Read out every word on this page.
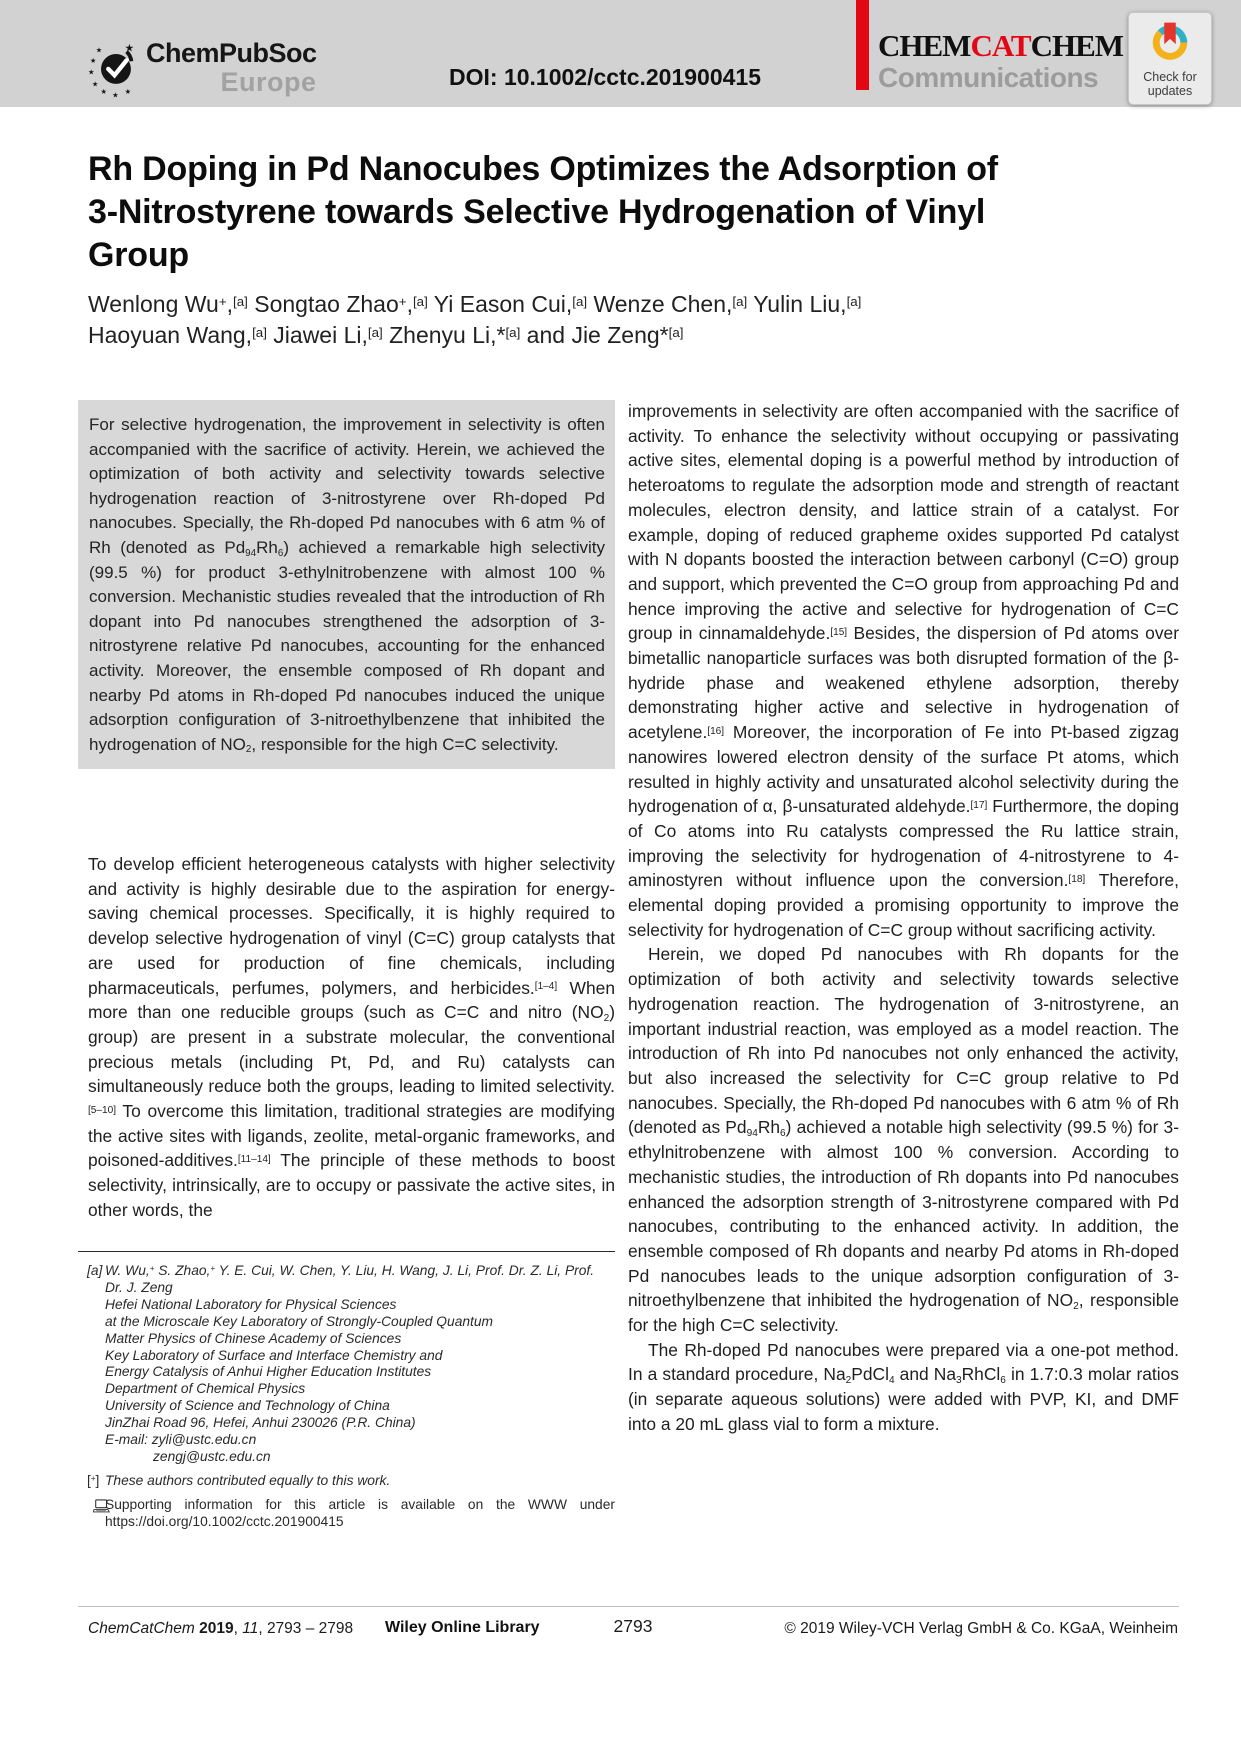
★
★
★
★
★
★ ★ ★
ChemPubSoc
Europe	DOI: 10.1002/cctc.201900415
CHEMCATCHEM
Communications	Check for
updates
Rh Doping in Pd Nanocubes Optimizes the Adsorption of
3-Nitrostyrene towards Selective Hydrogenation of Vinyl
Group
Wenlong Wu+,[a] Songtao Zhao+,[a] Yi Eason Cui,[a] Wenze Chen,[a] Yulin Liu,[a]
Haoyuan Wang,[a] Jiawei Li,[a] Zhenyu Li,*[a] and Jie Zeng*[a]
For selective hydrogenation, the improvement in selectivity is often accompanied with the sacrifice of activity. Herein, we achieved the optimization of both activity and selectivity towards selective hydrogenation reaction of 3-nitrostyrene over Rh-doped Pd nanocubes. Specially, the Rh-doped Pd nanocubes with 6 atm % of Rh (denoted as $Pd_{94}Rh_6$) achieved a remarkable high selectivity (99.5 %) for product 3-ethylnitrobenzene with almost 100 % conversion. Mechanistic studies revealed that the introduction of Rh dopant into Pd nanocubes strengthened the adsorption of 3-nitrostyrene relative Pd nanocubes, accounting for the enhanced activity. Moreover, the ensemble composed of Rh dopant and nearby Pd atoms in Rh-doped Pd nanocubes induced the unique adsorption configuration of 3-nitroethylbenzene that inhibited the hydrogenation of $NO_2$, responsible for the high C=C selectivity.

To develop efficient heterogeneous catalysts with higher selectivity and activity is highly desirable due to the aspiration for energy-saving chemical processes. Specifically, it is highly required to develop selective hydrogenation of vinyl (C=C) group catalysts that are used for production of fine chemicals, including pharmaceuticals, perfumes, polymers, and herbicides.[1–4] When more than one reducible groups (such as C=C and nitro $(NO_2)$ group) are present in a substrate molecular, the conventional precious metals (including Pt, Pd, and Ru) catalysts can simultaneously reduce both the groups, leading to limited selectivity.[5–10] To overcome this limitation, traditional strategies are modifying the active sites with ligands, zeolite, metal-organic frameworks, and poisoned-additives.[11–14] The principle of these methods to boost selectivity, intrinsically, are to occupy or passivate the active sites, in other words, the

[a] W. Wu,+ S. Zhao,+ Y. E. Cui, W. Chen, Y. Liu, H. Wang, J. Li, Prof. Dr. Z. Li, Prof. Dr. J. Zeng
Hefei National Laboratory for Physical Sciences
at the Microscale Key Laboratory of Strongly-Coupled Quantum
Matter Physics of Chinese Academy of Sciences
Key Laboratory of Surface and Interface Chemistry and
Energy Catalysis of Anhui Higher Education Institutes
Department of Chemical Physics
University of Science and Technology of China
JinZhai Road 96, Hefei, Anhui 230026 (P.R. China)
E-mail: zyli@ustc.edu.cn
zengj@ustc.edu.cn
[+] These authors contributed equally to this work.
Supporting information for this article is available on the WWW under https://doi.org/10.1002/cctc.201900415

improvements in selectivity are often accompanied with the sacrifice of activity. To enhance the selectivity without occupying or passivating active sites, elemental doping is a powerful method by introduction of heteroatoms to regulate the adsorption mode and strength of reactant molecules, electron density, and lattice strain of a catalyst. For example, doping of reduced grapheme oxides supported Pd catalyst with N dopants boosted the interaction between carbonyl (C=O) group and support, which prevented the C=O group from approaching Pd and hence improving the active and selective for hydrogenation of C=C group in cinnamaldehyde.[15] Besides, the dispersion of Pd atoms over bimetallic nanoparticle surfaces was both disrupted formation of the β-hydride phase and weakened ethylene adsorption, thereby demonstrating higher active and selective in hydrogenation of acetylene.[16] Moreover, the incorporation of Fe into Pt-based zigzag nanowires lowered electron density of the surface Pt atoms, which resulted in highly activity and unsaturated alcohol selectivity during the hydrogenation of α, β-unsaturated aldehyde.[17] Furthermore, the doping of Co atoms into Ru catalysts compressed the Ru lattice strain, improving the selectivity for hydrogenation of 4-nitrostyrene to 4-aminostyren without influence upon the conversion.[18] Therefore, elemental doping provided a promising opportunity to improve the selectivity for hydrogenation of C=C group without sacrificing activity.

Herein, we doped Pd nanocubes with Rh dopants for the optimization of both activity and selectivity towards selective hydrogenation reaction. The hydrogenation of 3-nitrostyrene, an important industrial reaction, was employed as a model reaction. The introduction of Rh into Pd nanocubes not only enhanced the activity, but also increased the selectivity for C=C group relative to Pd nanocubes. Specially, the Rh-doped Pd nanocubes with 6 atm % of Rh (denoted as $Pd_{94}Rh_6$) achieved a notable high selectivity (99.5 %) for 3-ethylnitrobenzene with almost 100 % conversion. According to mechanistic studies, the introduction of Rh dopants into Pd nanocubes enhanced the adsorption strength of 3-nitrostyrene compared with Pd nanocubes, contributing to the enhanced activity. In addition, the ensemble composed of Rh dopants and nearby Pd atoms in Rh-doped Pd nanocubes leads to the unique adsorption configuration of 3-nitroethylbenzene that inhibited the hydrogenation of $NO_2$, responsible for the high C=C selectivity.

The Rh-doped Pd nanocubes were prepared via a one-pot method. In a standard procedure, $Na_2PdCl_4$ and $Na_3RhCl_6$ in 1.7:0.3 molar ratios (in separate aqueous solutions) were added with PVP, KI, and DMF into a 20 mL glass vial to form a mixture.

ChemCatChem 2019, 11, 2793 – 2798 Wiley Online Library	2793	© 2019 Wiley-VCH Verlag GmbH & Co. KGaA, Weinheim
